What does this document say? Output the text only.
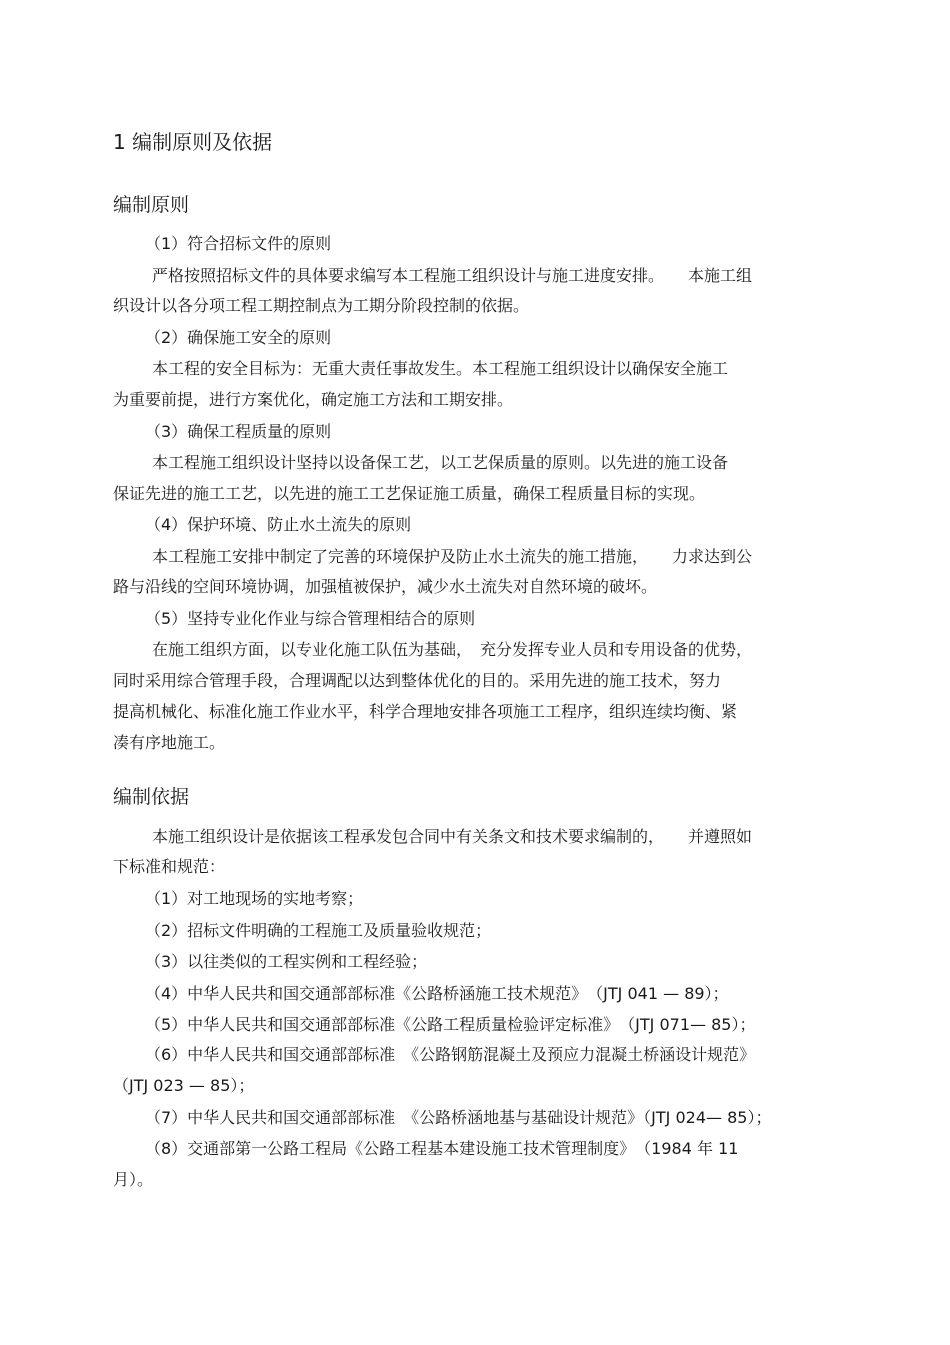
1 编制原则及依据
编制原则
（1）符合招标文件的原则
严格按照招标文件的具体要求编写本工程施工组织设计与施工进度安排。　　本施工组
织设计以各分项工程工期控制点为工期分阶段控制的依据。
（2）确保施工安全的原则
本工程的安全目标为：无重大责任事故发生。本工程施工组织设计以确保安全施工
为重要前提，进行方案优化，确定施工方法和工期安排。
（3）确保工程质量的原则
本工程施工组织设计坚持以设备保工艺，以工艺保质量的原则。以先进的施工设备
保证先进的施工工艺，以先进的施工工艺保证施工质量，确保工程质量目标的实现。
（4）保护环境、防止水土流失的原则
本工程施工安排中制定了完善的环境保护及防止水土流失的施工措施，　　力求达到公
路与沿线的空间环境协调，加强植被保护，减少水土流失对自然环境的破坏。
（5）坚持专业化作业与综合管理相结合的原则
在施工组织方面，以专业化施工队伍为基础，　充分发挥专业人员和专用设备的优势，
同时采用综合管理手段，合理调配以达到整体优化的目的。采用先进的施工技术，努力
提高机械化、标准化施工作业水平，科学合理地安排各项施工工程序，组织连续均衡、紧
凑有序地施工。
编制依据
本施工组织设计是依据该工程承发包合同中有关条文和技术要求编制的，　　并遵照如
下标准和规范：
（1）对工地现场的实地考察；
（2）招标文件明确的工程施工及质量验收规范；
（3）以往类似的工程实例和工程经验；
（4）中华人民共和国交通部部标准《公路桥涵施工技术规范》　（JTJ 041 — 89）；
（5）中华人民共和国交通部部标准《公路工程质量检验评定标准》　（JTJ 071— 85）；
（6）中华人民共和国交通部部标准　《公路钢筋混凝土及预应力混凝土桥涵设计规范》
（JTJ 023 — 85）；
（7）中华人民共和国交通部部标准　《公路桥涵地基与基础设计规范》（JTJ 024— 85）；
（8）交通部第一公路工程局《公路工程基本建设施工技术管理制度》　（1984 年 11
月）。
